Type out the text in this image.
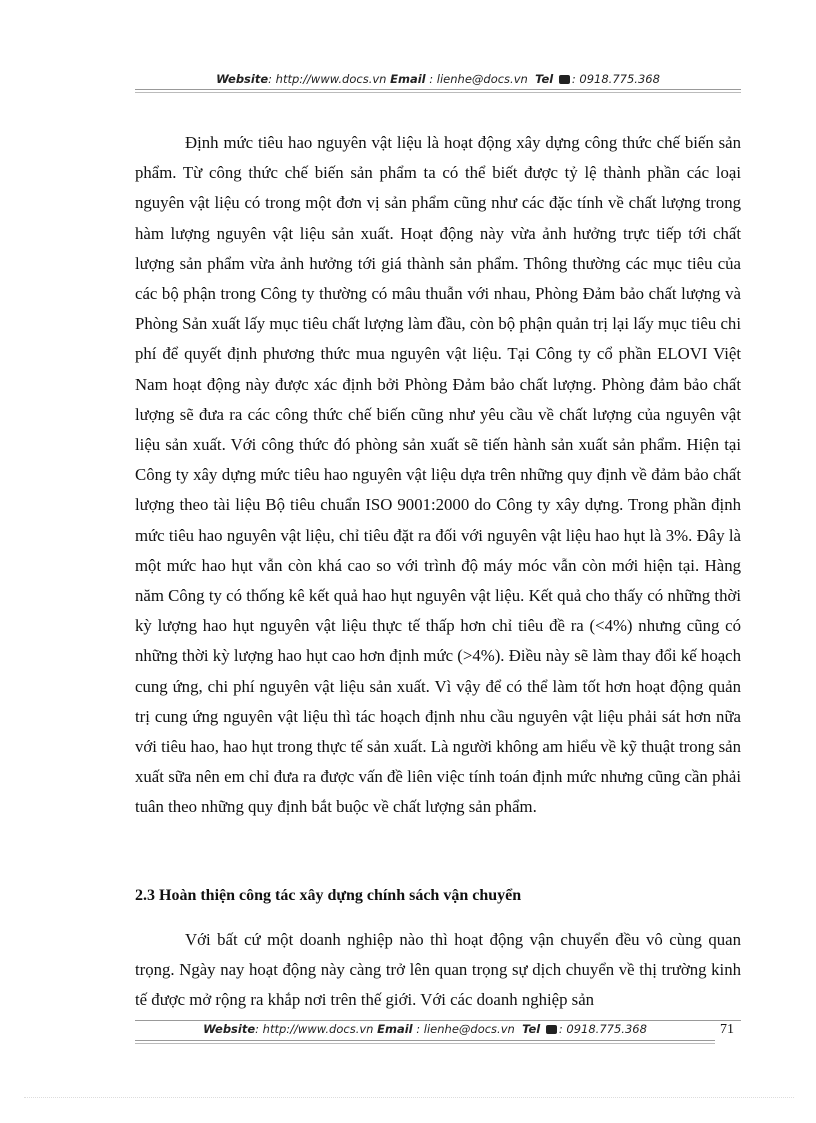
Website: http://www.docs.vn Email : lienhe@docs.vn Tel : 0918.775.368

Định mức tiêu hao nguyên vật liệu là hoạt động xây dựng công thức chế biến sản phẩm. Từ công thức chế biến sản phẩm ta có thể biết được tỷ lệ thành phần các loại nguyên vật liệu có trong một đơn vị sản phẩm cũng như các đặc tính về chất lượng trong hàm lượng nguyên vật liệu sản xuất. Hoạt động này vừa ảnh hưởng trực tiếp tới chất lượng sản phẩm vừa ảnh hưởng tới giá thành sản phẩm. Thông thường các mục tiêu của các bộ phận trong Công ty thường có mâu thuẫn với nhau, Phòng Đảm bảo chất lượng và Phòng Sản xuất lấy mục tiêu chất lượng làm đầu, còn bộ phận quản trị lại lấy mục tiêu chi phí để quyết định phương thức mua nguyên vật liệu. Tại Công ty cổ phần ELOVI Việt Nam hoạt động này được xác định bởi Phòng Đảm bảo chất lượng. Phòng đảm bảo chất lượng sẽ đưa ra các công thức chế biến cũng như yêu cầu về chất lượng của nguyên vật liệu sản xuất. Với công thức đó phòng sản xuất sẽ tiến hành sản xuất sản phẩm. Hiện tại Công ty xây dựng mức tiêu hao nguyên vật liệu dựa trên những quy định về đảm bảo chất lượng theo tài liệu Bộ tiêu chuẩn ISO 9001:2000 do Công ty xây dựng. Trong phần định mức tiêu hao nguyên vật liệu, chỉ tiêu đặt ra đối với nguyên vật liệu hao hụt là 3%. Đây là một mức hao hụt vẫn còn khá cao so với trình độ máy móc vẫn còn mới hiện tại. Hàng năm Công ty có thống kê kết quả hao hụt nguyên vật liệu. Kết quả cho thấy có những thời kỳ lượng hao hụt nguyên vật liệu thực tế thấp hơn chỉ tiêu đề ra (<4%) nhưng cũng có những thời kỳ lượng hao hụt cao hơn định mức (>4%). Điều này sẽ làm thay đổi kế hoạch cung ứng, chi phí nguyên vật liệu sản xuất. Vì vậy để có thể làm tốt hơn hoạt động quản trị cung ứng nguyên vật liệu thì tác hoạch định nhu cầu nguyên vật liệu phải sát hơn nữa với tiêu hao, hao hụt trong thực tế sản xuất. Là người không am hiểu về kỹ thuật trong sản xuất sữa nên em chỉ đưa ra được vấn đề liên việc tính toán định mức nhưng cũng cần phải tuân theo những quy định bắt buộc về chất lượng sản phẩm.

2.3 Hoàn thiện công tác xây dựng chính sách vận chuyển

Với bất cứ một doanh nghiệp nào thì hoạt động vận chuyển đều vô cùng quan trọng. Ngày nay hoạt động này càng trở lên quan trọng sự dịch chuyển về thị trường kinh tế được mở rộng ra khắp nơi trên thế giới. Với các doanh nghiệp sản

Website: http://www.docs.vn Email : lienhe@docs.vn Tel : 0918.775.368	71
